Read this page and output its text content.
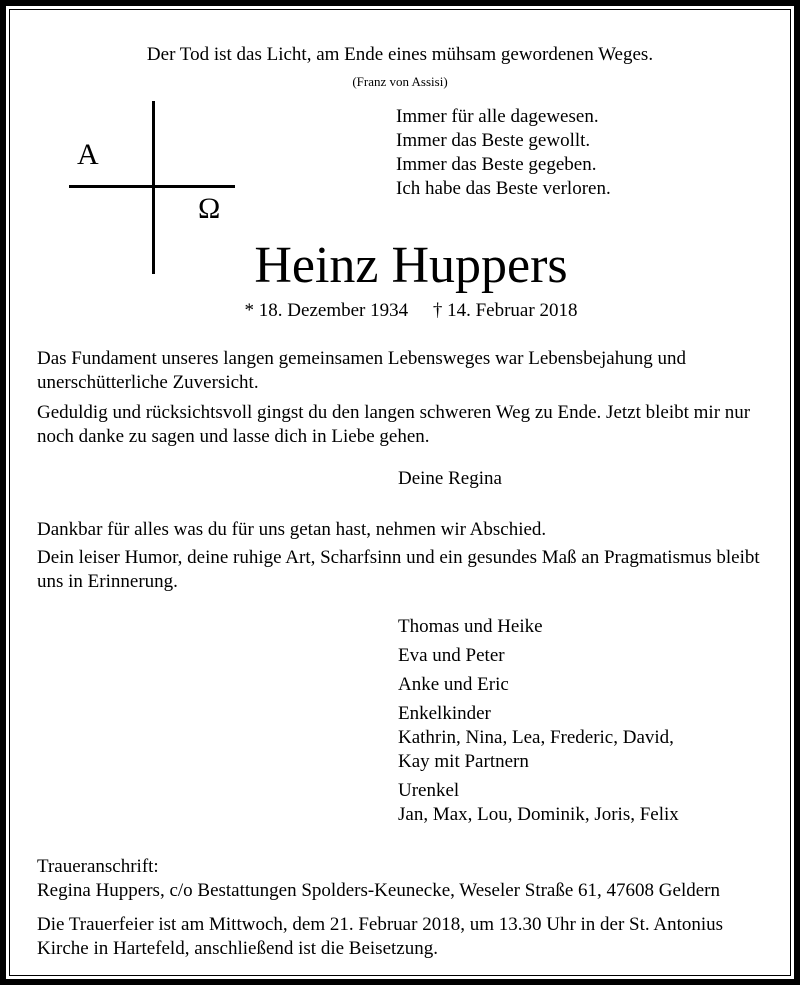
Der Tod ist das Licht, am Ende eines mühsam gewordenen Weges.
(Franz von Assisi)
A
Ω
Immer für alle dagewesen.
Immer das Beste gewollt.
Immer das Beste gegeben.
Ich habe das Beste verloren.
Heinz Huppers
* 18. Dezember 1934 † 14. Februar 2018
Das Fundament unseres langen gemeinsamen Lebensweges war Lebensbejahung und unerschütterliche Zuversicht.
Geduldig und rücksichtsvoll gingst du den langen schweren Weg zu Ende. Jetzt bleibt mir nur noch danke zu sagen und lasse dich in Liebe gehen.
Deine Regina
Dankbar für alles was du für uns getan hast, nehmen wir Abschied.
Dein leiser Humor, deine ruhige Art, Scharfsinn und ein gesundes Maß an Pragmatismus bleibt uns in Erinnerung.
Thomas und Heike
Eva und Peter
Anke und Eric
Enkelkinder
Kathrin, Nina, Lea, Frederic, David,
Kay mit Partnern
Urenkel
Jan, Max, Lou, Dominik, Joris, Felix
Traueranschrift:
Regina Huppers, c/o Bestattungen Spolders-Keunecke, Weseler Straße 61, 47608 Geldern
Die Trauerfeier ist am Mittwoch, dem 21. Februar 2018, um 13.30 Uhr in der St. Antonius Kirche in Hartefeld, anschließend ist die Beisetzung.
